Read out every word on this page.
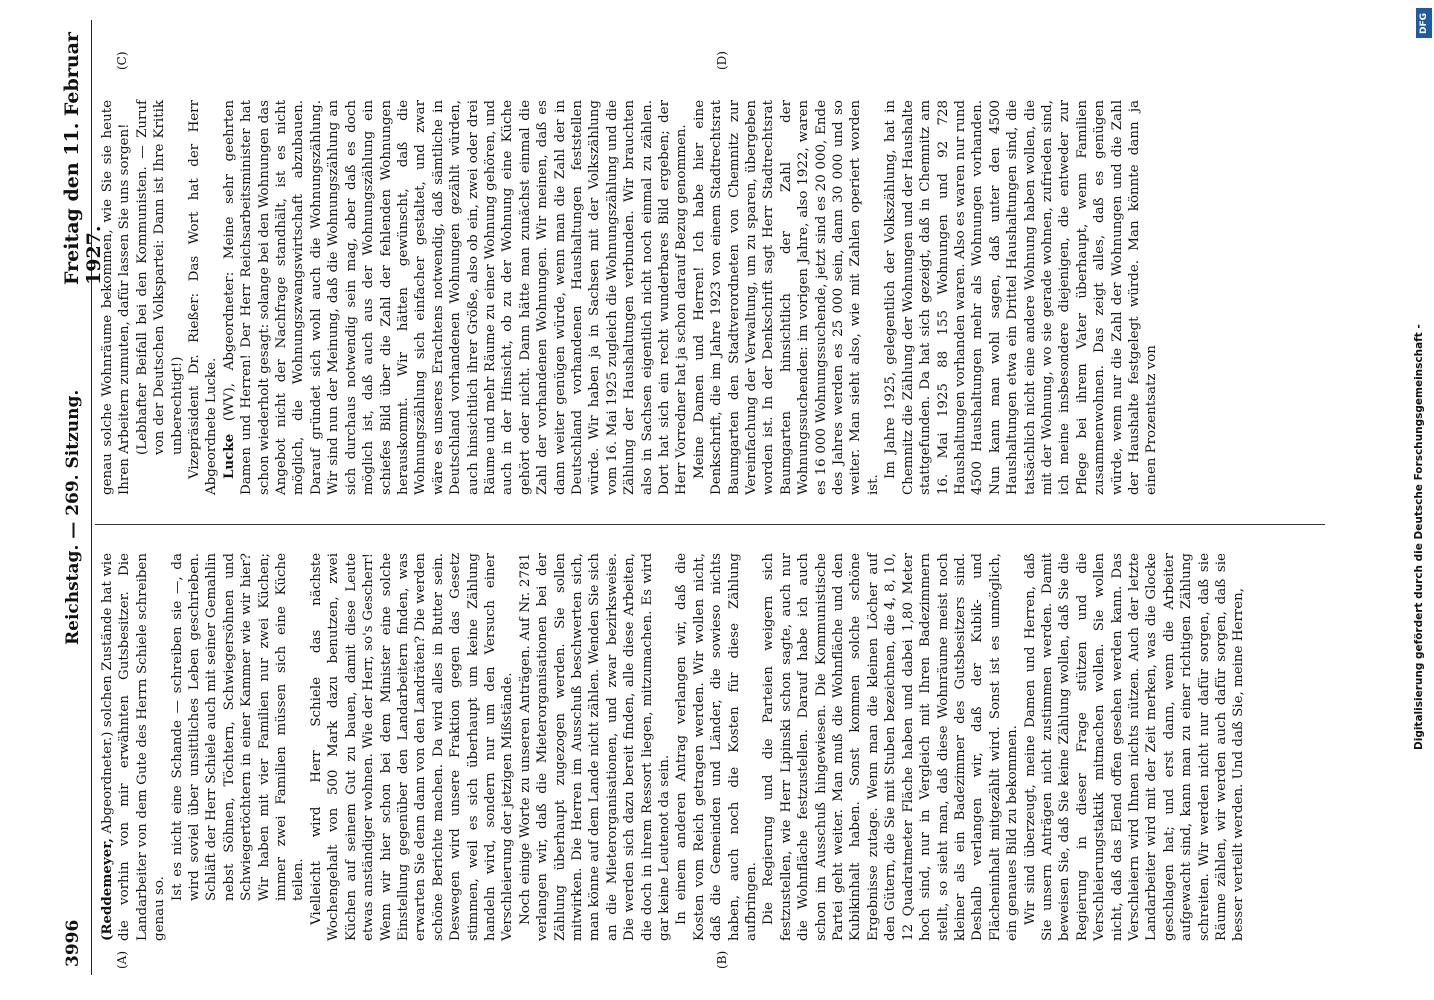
3996
Reichstag. — 269. Sitzung.
Freitag den 11. Februar 1927.
(A)	(B)
(C)	(D)

(Reddemeyer, Abgeordneter.) solchen Zustände hat wie die vorhin von mir erwähnten Gutsbesitzer. Die Landarbeiter von dem Gute des Herrn Schiele schreiben genau so.

Ist es nicht eine Schande — schreiben sie —, da wird soviel über unsittliches Leben geschrieben. Schläft der Herr Schiele auch mit seiner Gemahlin nebst Söhnen, Töchtern, Schwiegersöhnen und Schwiegertöchtern in einer Kammer wie wir hier? Wir haben mit vier Familien nur zwei Küchen; immer zwei Familien müssen sich eine Küche teilen. Vielleicht wird Herr Schiele das nächste Wochengehalt von 500 Mark dazu benutzen, zwei Küchen auf seinem Gut zu bauen, damit diese Leute etwas anständiger wohnen. Wie der Herr, so's Gescherr! Wenn wir hier schon bei dem Minister eine solche Einstellung gegenüber den Landarbeitern finden, was erwarten Sie denn dann von den Landräten? Die werden schöne Berichte machen. Da wird alles in Butter sein. Deswegen wird unsere Fraktion gegen das Gesetz stimmen, weil es sich überhaupt um keine Zählung handeln wird, sondern nur um den Versuch einer Verschleierung der jetzigen Mißstände. Noch einige Worte zu unseren Anträgen. Auf Nr. 2781 verlangen wir, daß die Mieterorganisationen bei der Zählung überhaupt zugezogen werden. Sie sollen mitwirken. Die Herren im Ausschuß beschwerten sich, man könne auf dem Lande nicht zählen. Wenden Sie sich an die Mieterorganisationen, und zwar bezirksweise. Die werden sich dazu bereit finden, alle diese Arbeiten, die doch in ihrem Ressort liegen, mitzumachen. Es wird gar keine Leutenot da sein. In einem anderen Antrag verlangen wir, daß die Kosten vom Reich getragen werden. Wir wollen nicht, daß die Gemeinden und Länder, die sowieso nichts haben, auch noch die Kosten für diese Zählung aufbringen. Die Regierung und die Parteien weigern sich festzustellen, wie Herr Lipinski schon sagte, auch nur die Wohnfläche festzustellen. Darauf habe ich auch schon im Ausschuß hingewiesen. Die Kommunistische Partei geht weiter. Man muß die Wohnfläche und den Kubikinhalt haben. Sonst kommen solche schöne Ergebnisse zutage. Wenn man die kleinen Löcher auf den Gütern, die Sie mit Stuben bezeichnen, die 4, 8, 10, 12 Quadratmeter Fläche haben und dabei 1,80 Meter hoch sind, nur in Vergleich mit Ihren Badezimmern stellt, so sieht man, daß diese Wohnräume meist noch kleiner als ein Badezimmer des Gutsbesitzers sind. Deshalb verlangen wir, daß der Kubik- und Flächeninhalt mitgezählt wird. Sonst ist es unmöglich, ein genaues Bild zu bekommen. Wir sind überzeugt, meine Damen und Herren, daß Sie unsern Anträgen nicht zustimmen werden. Damit beweisen Sie, daß Sie keine Zählung wollen, daß Sie die Regierung in dieser Frage stützen und die Verschleierungstaktik mitmachen wollen. Sie wollen nicht, daß das Elend offen gesehen werden kann. Das Verschleiern wird Ihnen nichts nützen. Auch der letzte Landarbeiter wird mit der Zeit merken, was die Glocke geschlagen hat; und erst dann, wenn die Arbeiter aufgewacht sind, kann man zu einer richtigen Zählung schreiten. Wir werden nicht nur dafür sorgen, daß sie Räume zählen, wir werden auch dafür sorgen, daß sie besser verteilt werden. Und daß Sie, meine Herren,

genau solche Wohnräume bekommen, wie Sie sie heute Ihren Arbeitern zumuten, dafür lassen Sie uns sorgen! (Lebhafter Beifall bei den Kommunisten. — Zuruf von der Deutschen Volkspartei: Dann ist Ihre Kritik unberechtigt!) Vizepräsident Dr. Rießer: Das Wort hat der Herr Abgeordnete Lucke. Lucke (WV), Abgeordneter: Meine sehr geehrten Damen und Herren! Der Herr Reichsarbeitsminister hat schon wiederholt gesagt: solange bei den Wohnungen das Angebot nicht der Nachfrage standhält, ist es nicht möglich, die Wohnungszwangswirtschaft abzubauen. Darauf gründet sich wohl auch die Wohnungszählung. Wir sind nun der Meinung, daß die Wohnungszählung an sich durchaus notwendig sein mag, aber daß es doch möglich ist, daß auch aus der Wohnungszählung ein schiefes Bild über die Zahl der fehlenden Wohnungen herauskommt. Wir hätten gewünscht, daß die Wohnungszählung sich einfacher gestaltet, und zwar wäre es unseres Erachtens notwendig, daß sämtliche in Deutschland vorhandenen Wohnungen gezählt würden, auch hinsichtlich ihrer Größe, also ob ein, zwei oder drei Räume und mehr Räume zu einer Wohnung gehören, und auch in der Hinsicht, ob zu der Wohnung eine Küche gehört oder nicht. Dann hätte man zunächst einmal die Zahl der vorhandenen Wohnungen. Wir meinen, daß es dann weiter genügen würde, wenn man die Zahl der in Deutschland vorhandenen Haushaltungen feststellen würde. Wir haben ja in Sachsen mit der Volkszählung vom 16. Mai 1925 zugleich die Wohnungszählung und die Zählung der Haushaltungen verbunden. Wir brauchten also in Sachsen eigentlich nicht noch einmal zu zählen. Dort hat sich ein recht wunderbares Bild ergeben; der Herr Vorredner hat ja schon darauf Bezug genommen. Meine Damen und Herren! Ich habe hier eine Denkschrift, die im Jahre 1923 von einem Stadtrechtsrat Baumgarten den Stadtverordneten von Chemnitz zur Vereinfachung der Verwaltung, um zu sparen, übergeben worden ist. In der Denkschrift sagt Herr Stadtrechtsrat Baumgarten hinsichtlich der Zahl der Wohnungssuchenden: im vorigen Jahre, also 1922, waren es 16 000 Wohnungssuchende, jetzt sind es 20 000, Ende des Jahres werden es 25 000 sein, dann 30 000 und so weiter. Man sieht also, wie mit Zahlen operiert worden ist.

Im Jahre 1925, gelegentlich der Volkszählung, hat in Chemnitz die Zählung der Wohnungen und der Haushalte stattgefunden. Da hat sich gezeigt, daß in Chemnitz am 16. Mai 1925 88 155 Wohnungen und 92 728 Haushaltungen vorhanden waren. Also es waren nur rund 4500 Haushaltungen mehr als Wohnungen vorhanden. Nun kann man wohl sagen, daß unter den 4500 Haushaltungen etwa ein Drittel Haushaltungen sind, die tatsächlich nicht eine andere Wohnung haben wollen, die mit der Wohnung, wo sie gerade wohnen, zufrieden sind, ich meine insbesondere diejenigen, die entweder zur Pflege bei ihrem Vater überhaupt, wenn Familien zusammenwohnen. Das zeigt alles, daß es genügen würde, wenn nur die Zahl der Wohnungen und die Zahl der Haushalte festgelegt würde. Man könnte dann ja einen Prozentsatz von	Digitalisierung gefördert durch die Deutsche Forschungsgemeinschaft -
DFG
